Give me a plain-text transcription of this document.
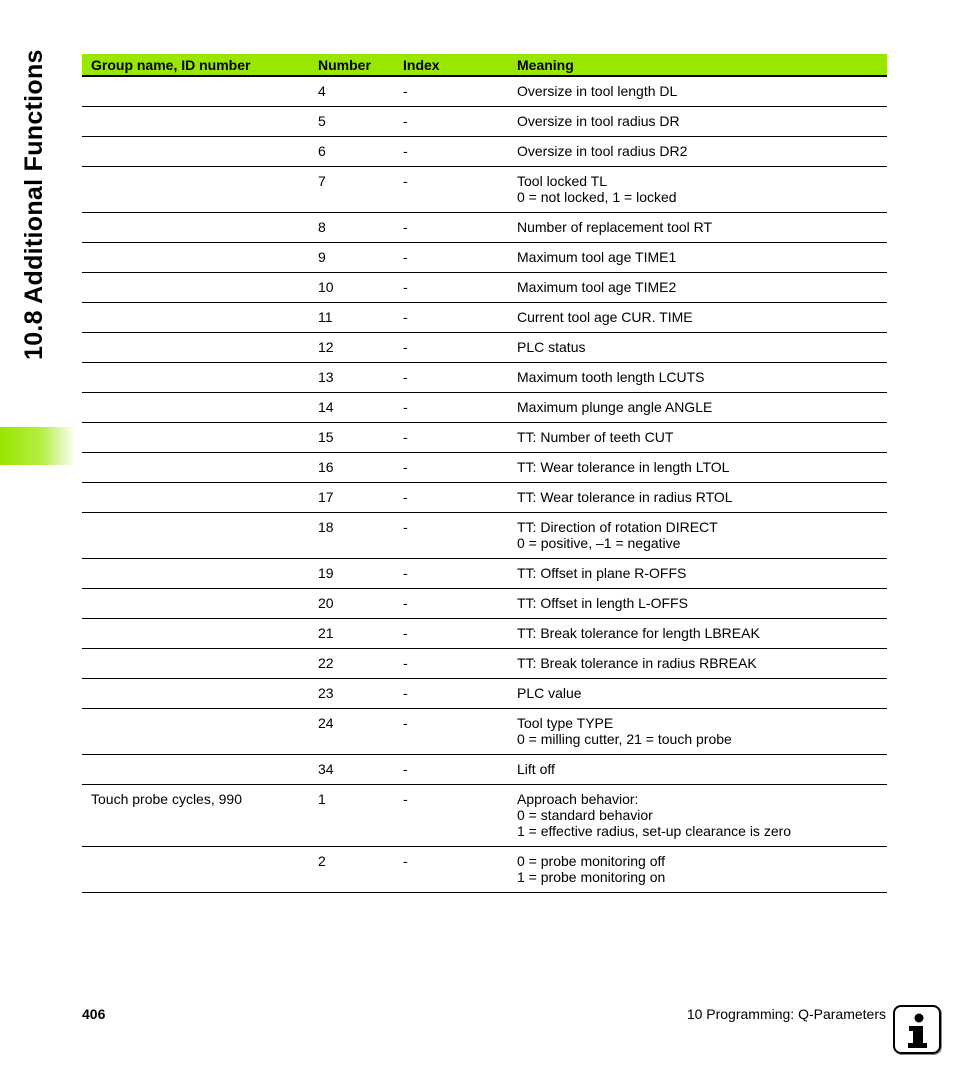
10.8 Additional Functions	Group name, ID number	Number	Index	Meaning
	4	-	Oversize in tool length DL

	5	-	Oversize in tool radius DR

	6	-	Oversize in tool radius DR2

	7	-	Tool locked TL
0 = not locked, 1 = locked

	8	-	Number of replacement tool RT

	9	-	Maximum tool age TIME1

	10	-	Maximum tool age TIME2

	11	-	Current tool age CUR. TIME

	12	-	PLC status

	13	-	Maximum tooth length LCUTS

	14	-	Maximum plunge angle ANGLE

	15	-	TT: Number of teeth CUT

	16	-	TT: Wear tolerance in length LTOL

	17	-	TT: Wear tolerance in radius RTOL

	18	-	TT: Direction of rotation DIRECT
0 = positive, –1 = negative

	19	-	TT: Offset in plane R-OFFS

	20	-	TT: Offset in length L-OFFS

	21	-	TT: Break tolerance for length LBREAK

	22	-	TT: Break tolerance in radius RBREAK

	23	-	PLC value

	24	-	Tool type TYPE
0 = milling cutter, 21 = touch probe

	34	-	Lift off

Touch probe cycles, 990	1	-	Approach behavior:
0 = standard behavior
1 = effective radius, set-up clearance is zero

	2	-	0 = probe monitoring off
1 = probe monitoring on
406	10 Programming: Q-Parameters
